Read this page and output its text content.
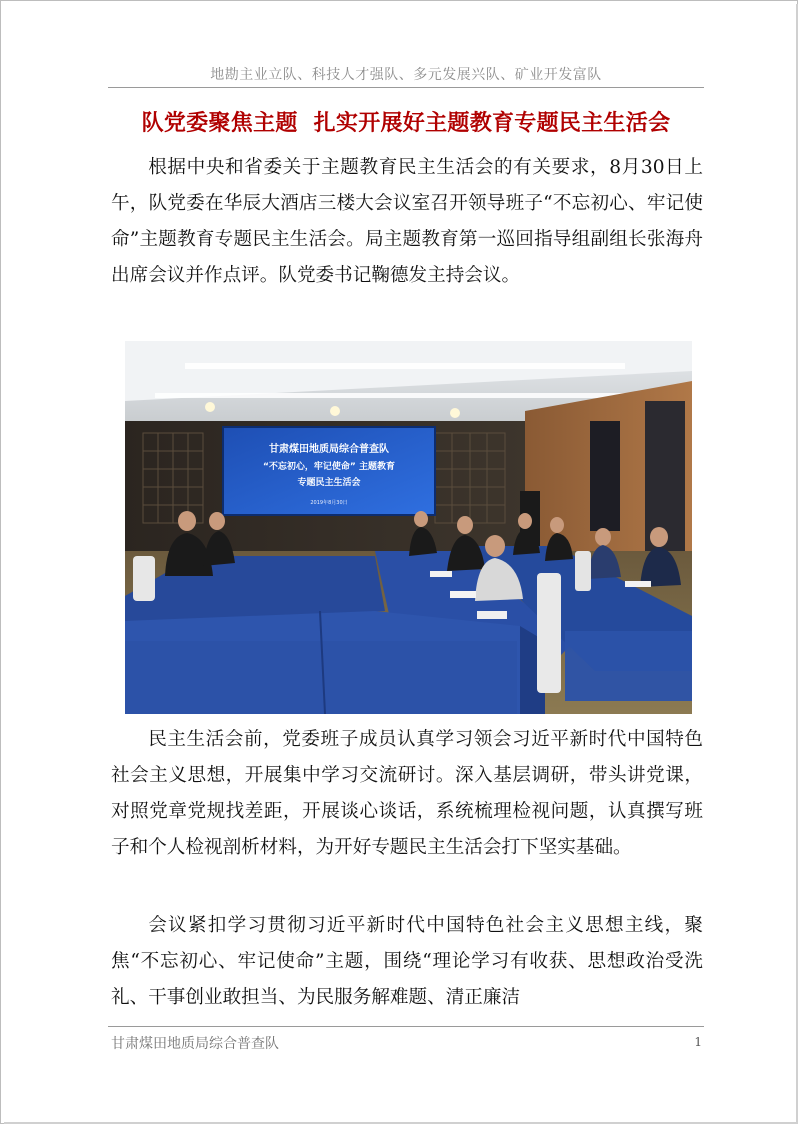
地勘主业立队、科技人才强队、多元发展兴队、矿业开发富队
队党委聚焦主题  扎实开展好主题教育专题民主生活会

根据中央和省委关于主题教育民主生活会的有关要求，8月30日上午，队党委在华辰大酒店三楼大会议室召开领导班子“不忘初心、牢记使命”主题教育专题民主生活会。局主题教育第一巡回指导组副组长张海舟出席会议并作点评。队党委书记鞠德发主持会议。

甘肃煤田地质局综合普查队
“不忘初心，牢记使命” 主题教育
专题民主生活会
2019年8月30日

民主生活会前，党委班子成员认真学习领会习近平新时代中国特色社会主义思想，开展集中学习交流研讨。深入基层调研，带头讲党课，对照党章党规找差距，开展谈心谈话，系统梳理检视问题，认真撰写班子和个人检视剖析材料，为开好专题民主生活会打下坚实基础。

会议紧扣学习贯彻习近平新时代中国特色社会主义思想主线，聚焦“不忘初心、牢记使命”主题，围绕“理论学习有收获、思想政治受洗礼、干事创业敢担当、为民服务解难题、清正廉洁

甘肃煤田地质局综合普查队	1
